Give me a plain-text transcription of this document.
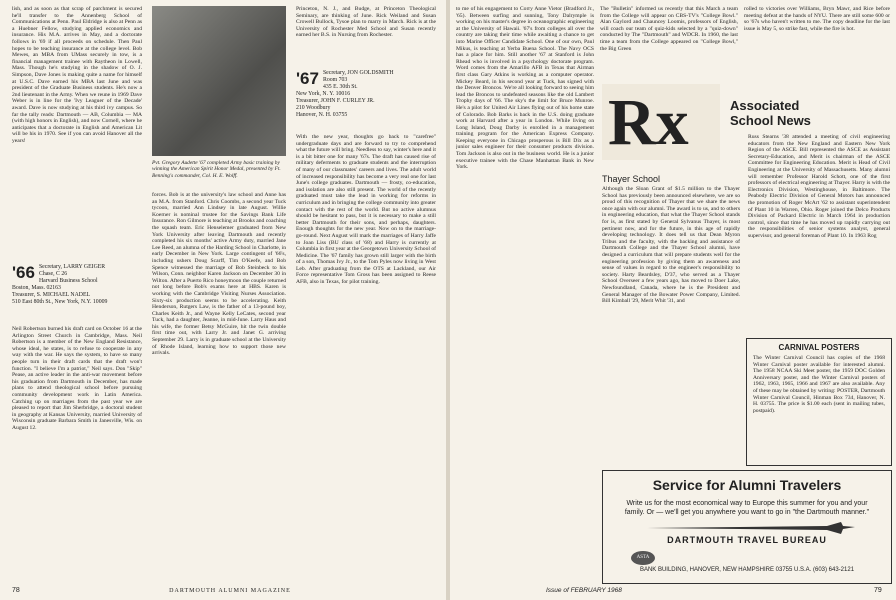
lish, and as soon as that scrap of parchment is secured he'll transfer to the Annenberg School of Communications at Penn. Paul Eldridge is also at Penn as a Huebner Fellow, studying applied economics and insurance. His M.A. arrives in May, and a doctorate follows in '69 if all proceeds on schedule. Then Paul hopes to be teaching insurance at the college level. Bob Mewes, an MBA from UMass securely in tow, is a financial management trainee with Raytheon in Lowell, Mass. Though he's studying in the shadow of O. J. Simpson, Dave Jones is making quite a name for himself at U.S.C. Dave earned his MBA last June and was president of the Graduate Business students. He's now a 2nd lieutenant in the Army. When we reune in 1969 Dave Weber is in line for the 'Ivy Leaguer of the Decade' award. Dave is now studying at his third ivy campus. So far the tally reads: Dartmouth — AB, Columbia — MA (with high honors in English), and now Cornell, where he anticipates that a doctorate in English and American Lit will be his in 1970. See if you can avoid Hanover all the years!
'66 Secretary, LARRY GEIGER
Chase, C 26
Harvard Business School
Boston, Mass. 02163
Treasurer, S. MICHAEL NADEL
510 East 80th St., New York, N.Y. 10009
Neil Robertson burned his draft card on October 16 at the Arlington Street Church in Cambridge, Mass. Neil Robertson is a member of the New England Resistance, whose ideal, he states, is to refuse to cooperate in any way with the war. He says the system, to have so many people turn in their draft cards that the draft won't function. "I believe I'm a patriot," Neil says. Don "Skip" Pease, an active leader in the anti-war movement before his graduation from Dartmouth in December, has made plans to attend theological school before pursuing community development work in Latin America. Catching up on marriages from the past year we are pleased to report that Jim Sherbridge, a doctoral student in geography at Kansas University, married University of Wisconsin graduate Barbara Smith in Janesville, Wis. on August 12.
Pvt. Gregory Audette '67 completed Army basic training by winning the American Spirit Honor Medal, presented by Ft. Benning's commander, Col. H. E. Wolff.
forces. Bob is at the university's law school and Anne has an M.A. from Stanford. Chris Coombs, a second year Tuck tycoon, married Ann Lindsey in late August. Willie Koerner is nominal trustee for the Savings Bank Life Insurance. Ron Gilmore is teaching at Brooks and coaching the squash team. Eric Henselemer graduated from New York University after leaving Dartmouth and recently completed his six months' active Army duty, married Jane Lee Reed, an alumna of the Harding School in Charlotte, in early December in New York. Large contingent of '66's, including ushers Doug Scarff, Tim O'Keefe, and Bob Spence witnessed the marriage of Bob Steinbeck to his Wilson, Conn. neighbor Karen Jackson on December 30 in Wilton. After a Puerto Rico honeymoon the couple returned not long before Bob's exams here at HBS. Karen is working with the Cambridge Visiting Nurses Association. Sixty-six production seems to be accelerating. Keith Henderson, Rutgers Law, is the father of a 13-pound boy, Charles Keith Jr., and Wayne Kelly LeCates, second year Tuck, had a daughter, Jeanne, in mid-June. Larry Haus and his wife, the former Betsy McGuire, hit the twin double first time out, with Larry Jr. and Janet G. arriving September 29. Larry is in graduate school at the University of Rhode Island, learning how to support those new arrivals.
Princeton, N. J., and Budge, at Princeton Theological Seminary, are thinking of June. Rick Weiland and Susan Crowell Bullock, Tysoe plan to marry in March. Rick is at the University of Rochester Med School and Susan recently earned her B.S. in Nursing from Rochester.
'67 Secretary, JON GOLDSMITH
Room 703
435 E. 30th St.
New York, N. Y. 10016
Treasurer, JOHN F. CURLEY JR.
210 Woodbury
Hanover, N. H. 03755
With the new year, thoughts go back to "carefree" undergraduate days and are forward to try to comprehend what the future will bring. Needless to say, winter's here and it is a bit bitter one for many '67s. The draft has caused rise of military deferments to graduate students and the interruption of many of our classmates' careers and lives. The adult world of increased responsibility has become a very real one for last June's college graduates. Dartmouth — frosty, co-education, and isolation are also still present. The world of the recently graduated must take the lead in working for reforms in curriculum and in bringing the college community into greater contact with the rest of the world. But no active alumnus should be hesitant to pass, but it is necessary to make a still better Dartmouth for their sons, and perhaps, daughters. Enough thoughts for the new year. Now on to the marriage-go-round. Next August will mark the marriages of Harry Jaffe to Joan Liss (BU class of '68) and Harry is currently at Columbia in first year at the Georgetown University School of Medicine. The '67 family has grown still larger with the birth of a son, Thomas Ivy Jr., to the Tom Pyles now living in West Leb. After graduating from the OTS at Lackland, our Air Force representative Tom Gross has been assigned to Reese AFB, also in Texas, for pilot training.
78	DARTMOUTH ALUMNI MAGAZINE
to me of his engagement to Corry Anne Vietor (Bradford Jr., '65). Between surfing and sunning, Tony Dalrymple is working on his master's degree in oceanographic engineering at the University of Hawaii. '67's from colleges all over the country are taking their time while awaiting a chance to get into Marine Officer Candidate School. One of our own, Paul Mikus, is teaching at Yerba Buena School. The Navy OCS has a place for him. Still another '67 at Stanford is John Rhead who is involved in a psychology doctorate program. Word comes from the Amarillo AFB in Texas that Airman first class Gary Atkins is working as a computer operator. Mickey Beard, in his second year at Tuck, has signed with the Denver Broncos. We're all looking forward to seeing him lead the Broncos to undefeated seasons like the old Lambert Trophy days of '66. The sky's the limit for Bruce Munroe. He's a pilot for United Air Lines flying out of his home state of Colorado. Bob Barks is back in the U.S. doing graduate work at Harvard after a year in London. While living on Long Island, Doug Darby is enrolled in a management training program for the American Express Company. Keeping everyone in Chicago prosperous is Bill Dix as a junior sales engineer for their consumer products division. Tom Jackson is also out in the business world. He is a junior executive trainee with the Chase Manhattan Bank in New York.
The "Bulletin" informed us recently that this March a team from the College will appear on CBS-TV's "College Bowl." Alan Gaylord and Chauncey Loomis, professors of English, will coach our team of quiz-kids selected by a "quiz-down" conducted by The "Dartmouth" and WDCR. In 1960, the last time a team from the College appeared on "College Bowl," the Big Green
rolled to victories over Williams, Bryn Mawr, and Rice before meeting defeat at the hands of NYU. There are still some 600 or so '67s who haven't written to me. The copy deadline for the last issue is May 5, so strike fast, while the fire is hot.
Rx	Associated
School News
Thayer School
Although the Sloan Grant of $1.5 million to the Thayer School has previously been announced elsewhere, we are so proud of this recognition of Thayer that we share the news once again with our alumni. The award is to us, and to others in engineering education, that what the Thayer School stands for is, as first stated by General Sylvanus Thayer, is most pertinent now, and for the future, in this age of rapidly developing technology. It does tell us that Dean Myron Tribus and the faculty, with the backing and assistance of Dartmouth College and the Thayer School alumni, have designed a curriculum that will prepare students well for the engineering profession by giving them an awareness and sense of values in regard to the engineer's responsibility to society. Harty Beardsley, D'37, who served as a Thayer School Overseer a few years ago, has moved to Doer Lake, Newfoundland, Canada, where he is the President and General Manager of the Bowater Power Company, Limited. Bill Kimball '29, Merit Whit '31, and
Russ Stearns '38 attended a meeting of civil engineering educators from the New England and Eastern New York Region of the ASCE. Bill represented the ASCE as Assistant Secretary-Education, and Merit is chairman of the ASCE Committee for Engineering Education. Merit is Head of Civil Engineering at the University of Massachusetts. Many alumni will remember Professor Harold Schott, one of the first professors of electrical engineering at Thayer. Harry is with the Electronics Division, Westinghouse, in Baltimore. The Peabody Electric Division of General Motors has announced the promotion of Roger McArt '62 to assistant superintendent of Plant 10 in Warren, Ohio. Roger joined the Delco Products Division of Packard Electric in March 1964 in production control, since that time he has moved up rapidly carrying out the responsibilities of senior systems analyst, general supervisor, and general foreman of Plant 10. In 1963 Rog
CARNIVAL POSTERS
The Winter Carnival Council has copies of the 1968 Winter Carnival poster available for interested alumni. The 1958 NCAA Ski Meet poster, the 1959 DOC Golden Anniversary poster, and the Winter Carnival posters of 1962, 1963, 1965, 1966 and 1967 are also available. Any of these may be obtained by writing: POSTER, Dartmouth Winter Carnival Council, Hinman Box 734, Hanover, N. H. 03755. The price is $1.00 each (sent in mailing tubes, postpaid).
Service for Alumni Travelers
Write us for the most economical way to Europe this summer for you and your family. Or — we'll get you anywhere you want to go in "the Dartmouth manner."
DARTMOUTH TRAVEL BUREAU
ASTA
BANK BUILDING, HANOVER, NEW HAMPSHIRE 03755 U.S.A. (603) 643-2121
Issue of FEBRUARY 1968	79
